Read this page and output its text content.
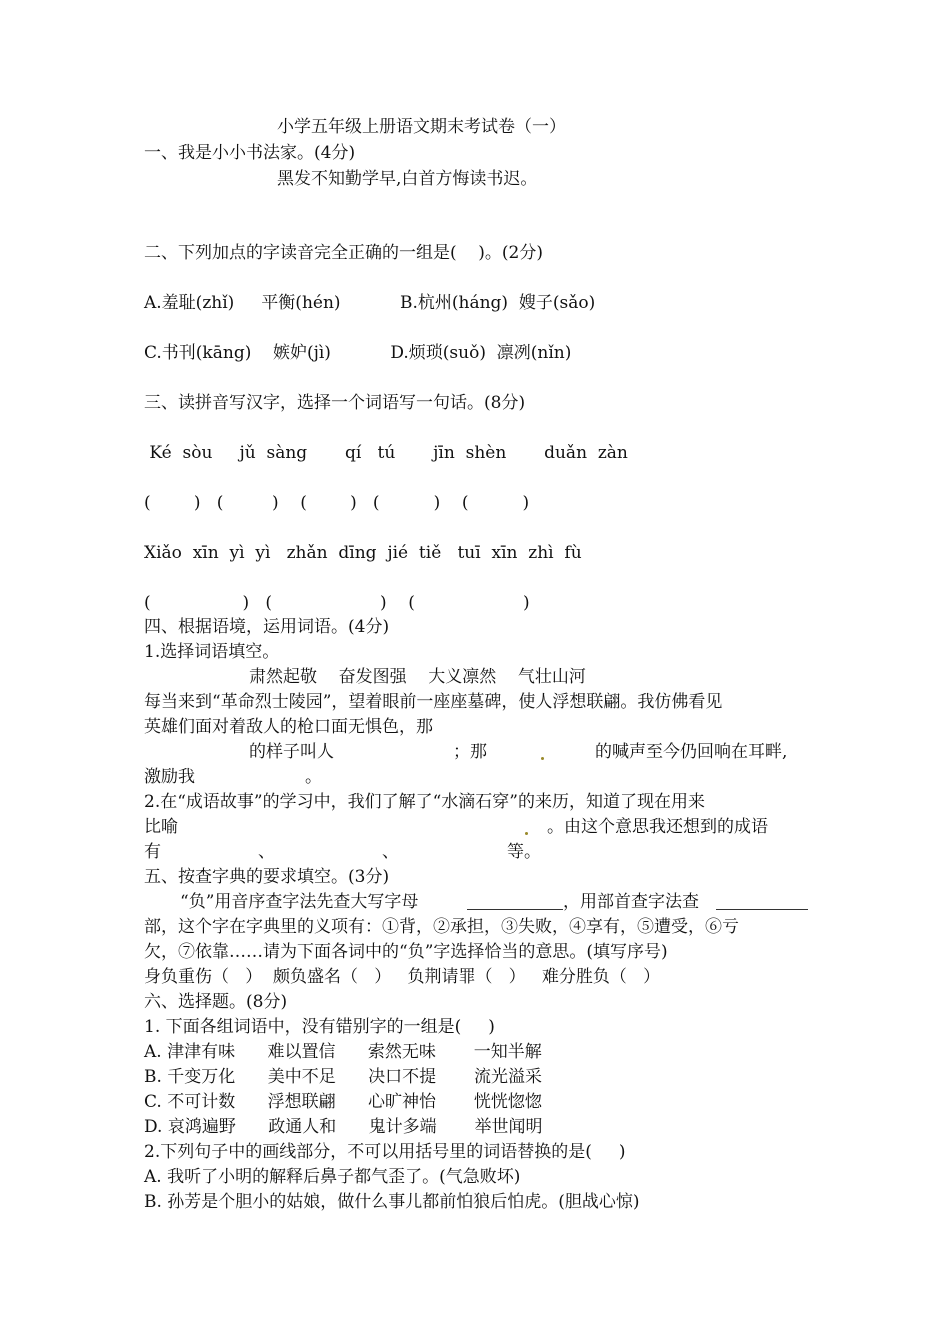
小学五年级上册语文期末考试卷（一）
一、我是小小书法家。(4分)
黑发不知勤学早,白首方悔读书迟。
二、下列加点的字读音完全正确的一组是(    )。(2分)
A.羞耻(zhǐ)     平衡(hén)           B.杭州(háng)  嫂子(sǎo)
C.书刊(kāng)    嫉妒(jì)           D.烦琐(suǒ)  凛冽(nǐn)
三、读拼音写汉字，选择一个词语写一句话。(8分)
Ké  sòu     jǔ  sàng       qí   tú       jīn  shèn       duǎn  zàn
(        )   (         )    (        )   (          )    (          )
Xiǎo  xīn  yì  yì   zhǎn  dīng  jié  tiě   tuī  xīn  zhì  fù
(                 )   (                    )    (                    )
四、根据语境，运用词语。(4分)
1.选择词语填空。
肃然起敬    奋发图强    大义凛然    气壮山河
每当来到“革命烈士陵园”，望着眼前一座座墓碑，使人浮想联翩。我仿佛看见
英雄们面对着敌人的枪口面无惧色，那
的样子叫人	；那	的喊声至今仍回响在耳畔,
激励我	。
2.在“成语故事”的学习中，我们了解了“水滴石穿”的来历，知道了现在用来
比喻	。由这个意思我还想到的成语
有	、	、	等。
五、按查字典的要求填空。(3分)
“负”用音序查字法先查大写字母	，用部首查字法查
部，这个字在字典里的义项有：①背，②承担，③失败，④享有，⑤遭受，⑥亏
欠，⑦依靠……请为下面各词中的“负”字选择恰当的意思。(填写序号)
身负重伤（   ）  颇负盛名（   ）   负荆请罪（   ）   难分胜负（   ）
六、选择题。(8分)
1. 下面各组词语中，没有错别字的一组是(     )
A. 津津有味      难以置信      索然无味       一知半解
B. 千变万化      美中不足      决口不提       流光溢采
C. 不可计数      浮想联翩      心旷神怡       恍恍惚惚
D. 哀鸿遍野      政通人和      鬼计多端       举世闻明
2.下列句子中的画线部分，不可以用括号里的词语替换的是(     )
A. 我听了小明的解释后鼻子都气歪了。(气急败坏)
B. 孙芳是个胆小的姑娘，做什么事儿都前怕狼后怕虎。(胆战心惊)
